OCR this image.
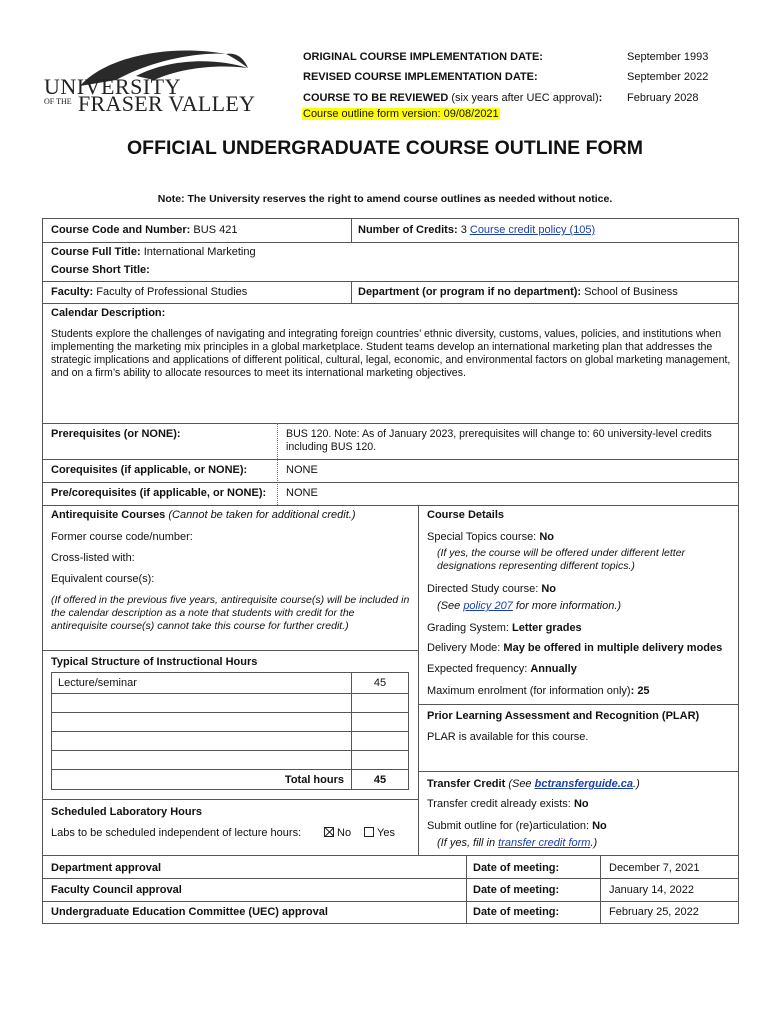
UNIVERSITY
OF THE FRASER VALLEY
ORIGINAL COURSE IMPLEMENTATION DATE:	September 1993
REVISED COURSE IMPLEMENTATION DATE:	September 2022
COURSE TO BE REVIEWED (six years after UEC approval): February 2028
Course outline form version: 09/08/2021
OFFICIAL UNDERGRADUATE COURSE OUTLINE FORM
Note: The University reserves the right to amend course outlines as needed without notice.
Course Code and Number: BUS 421	Number of Credits: 3 Course credit policy (105)
Course Full Title: International Marketing
Course Short Title:
Faculty: Faculty of Professional Studies	Department (or program if no department): School of Business
Calendar Description:
Students explore the challenges of navigating and integrating foreign countries’ ethnic diversity, customs, values, policies, and institutions when implementing the marketing mix principles in a global marketplace. Student teams develop an international marketing plan that addresses the strategic implications and applications of different political, cultural, legal, economic, and environmental factors on global marketing management, and on a firm’s ability to allocate resources to meet its international marketing objectives.
Prerequisites (or NONE):	BUS 120. Note: As of January 2023, prerequisites will change to: 60 university-level credits including BUS 120.
Corequisites (if applicable, or NONE):	NONE
Pre/corequisites (if applicable, or NONE): NONE
Antirequisite Courses (Cannot be taken for additional credit.)
Former course code/number:
Cross-listed with:
Equivalent course(s):
(If offered in the previous five years, antirequisite course(s) will be included in the calendar description as a note that students with credit for the antirequisite course(s) cannot take this course for further credit.)
Typical Structure of Instructional Hours
Lecture/seminar	45
Total hours	45
Scheduled Laboratory Hours
Labs to be scheduled independent of lecture hours:	No	Yes
Course Details
Special Topics course: No
(If yes, the course will be offered under different letter designations representing different topics.)
Directed Study course: No
(See policy 207 for more information.)
Grading System: Letter grades
Delivery Mode: May be offered in multiple delivery modes
Expected frequency: Annually
Maximum enrolment (for information only): 25
Prior Learning Assessment and Recognition (PLAR)
PLAR is available for this course.
Transfer Credit (See bctransferguide.ca.)
Transfer credit already exists: No
Submit outline for (re)articulation: No
(If yes, fill in transfer credit form.)
Department approval	Date of meeting:	December 7, 2021
Faculty Council approval	Date of meeting:	January 14, 2022
Undergraduate Education Committee (UEC) approval	Date of meeting:	February 25, 2022
